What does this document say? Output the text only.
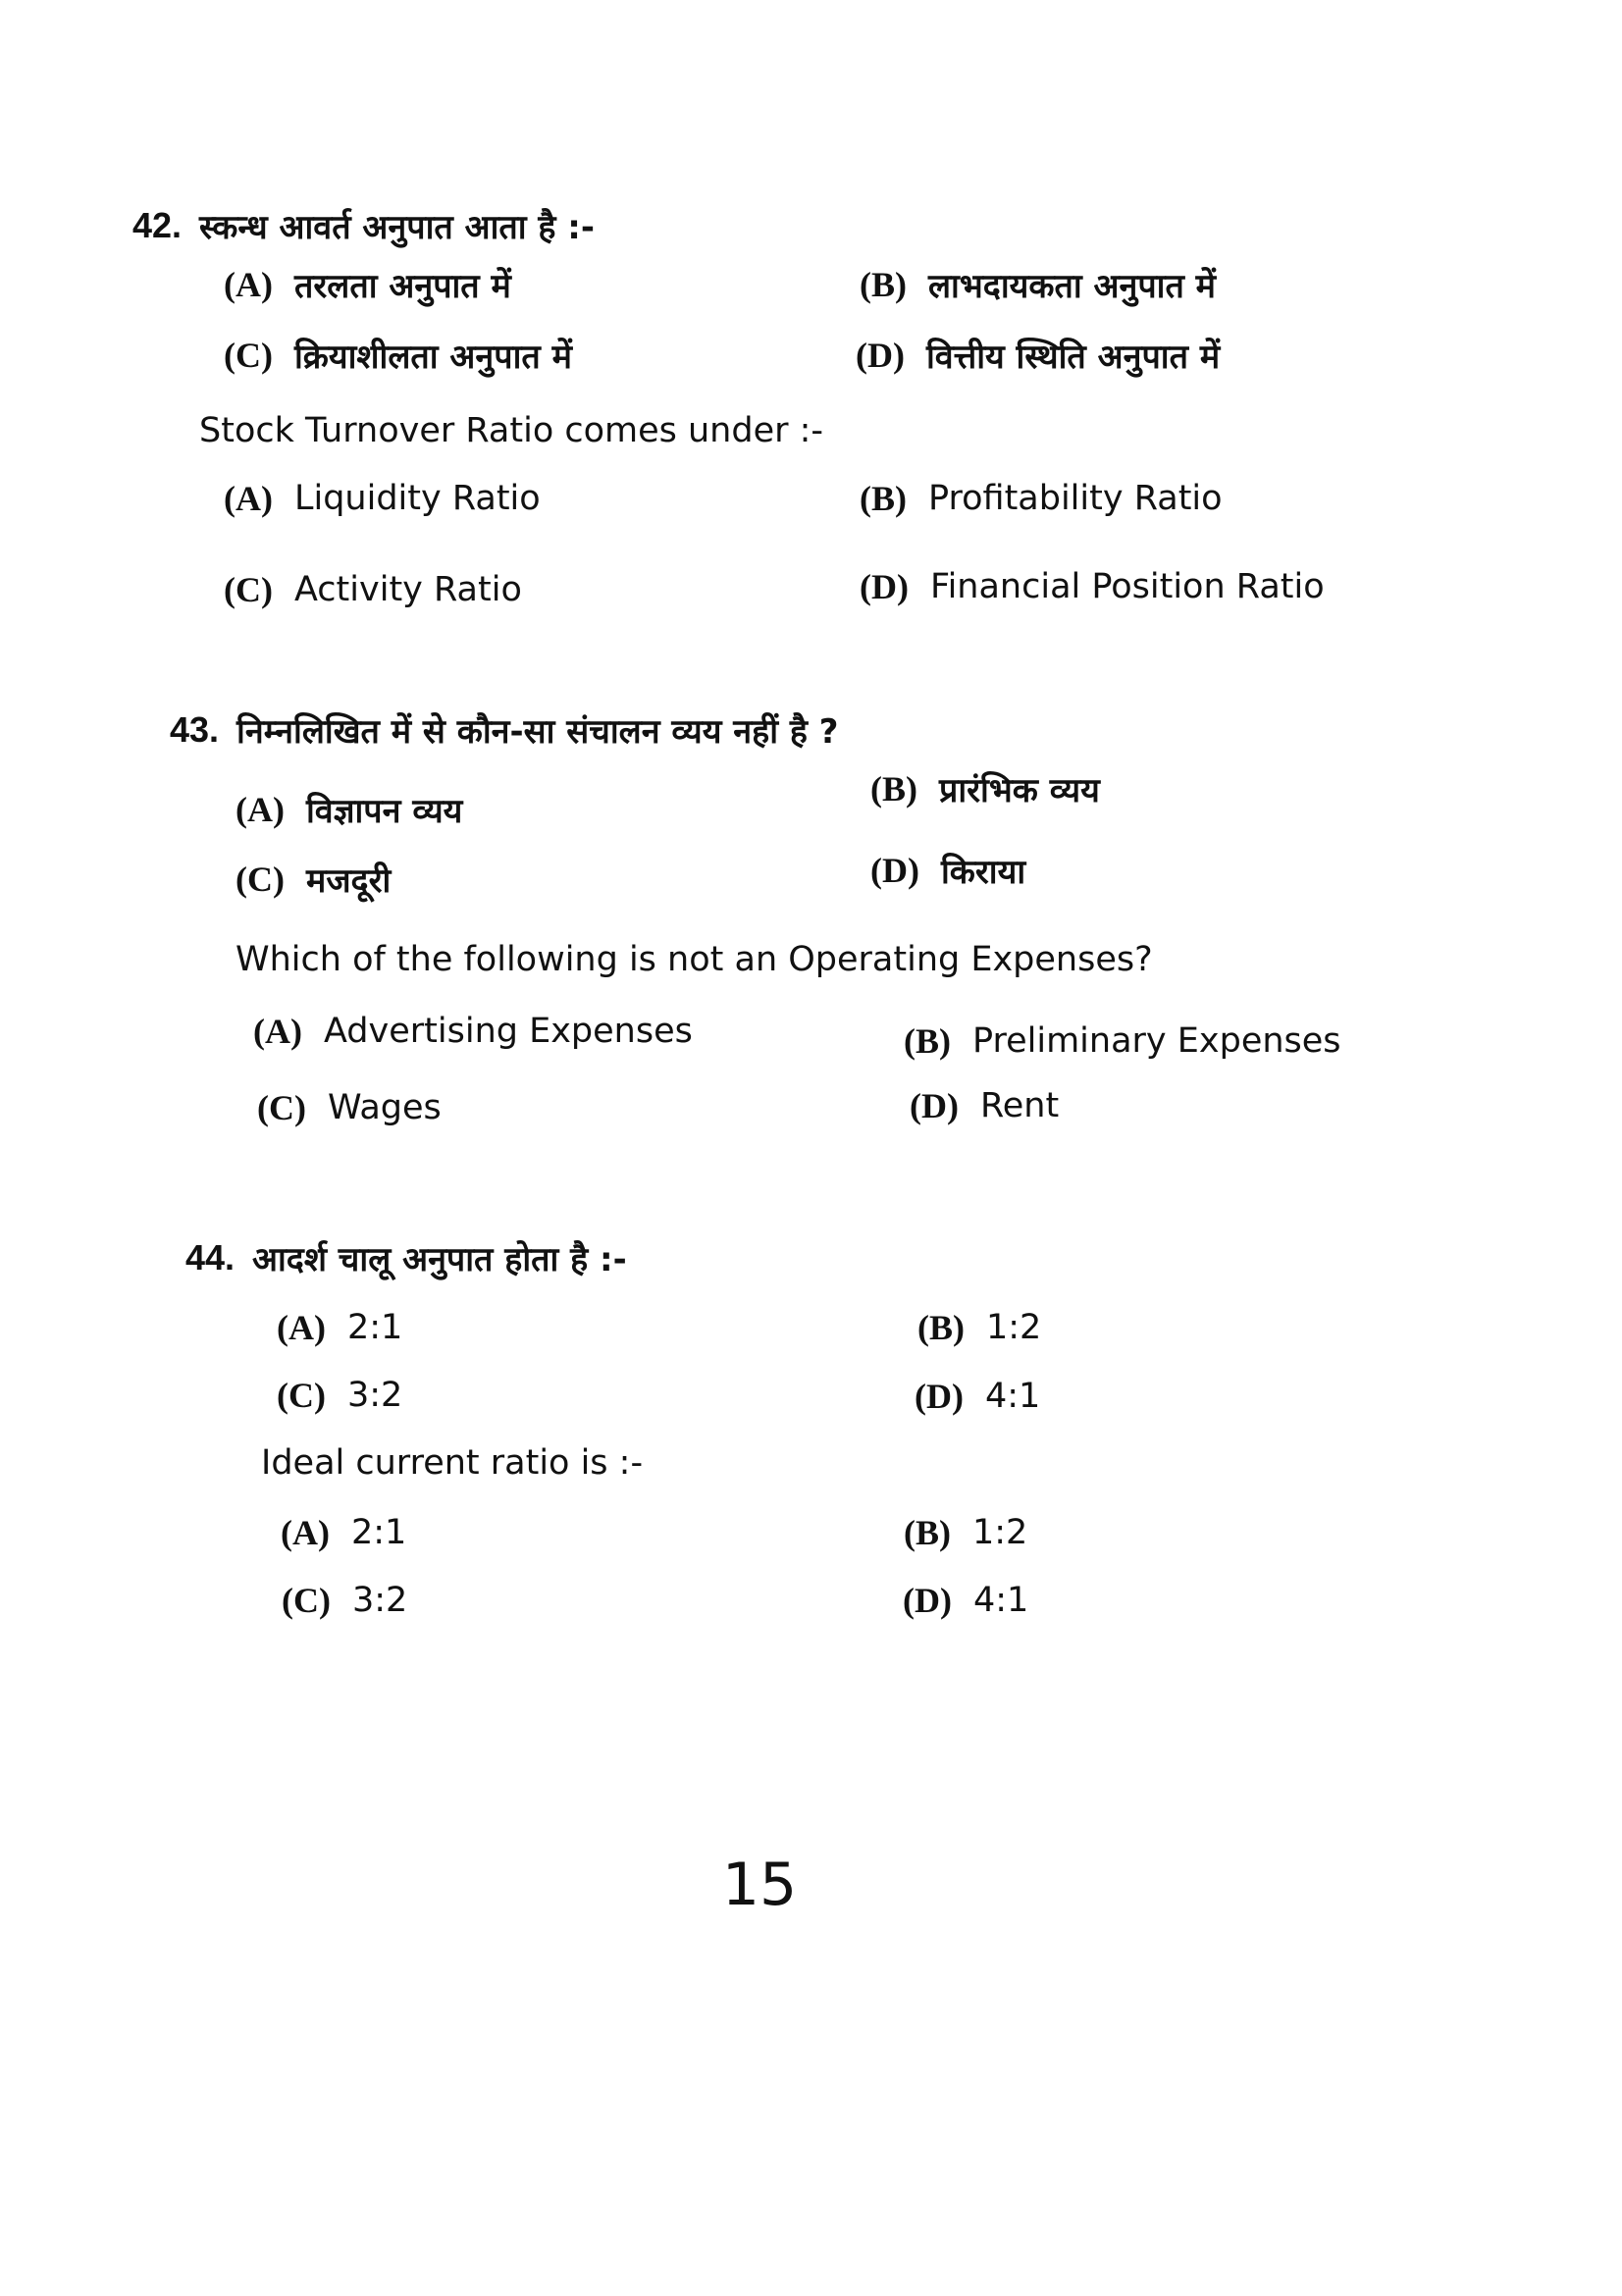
42. स्कन्ध आवर्त अनुपात आता है :-
(A) तरलता अनुपात में	(B) लाभदायकता अनुपात में
(C) क्रियाशीलता अनुपात में	(D) वित्तीय स्थिति अनुपात में
Stock Turnover Ratio comes under :-
(A) Liquidity Ratio	(B) Profitability Ratio
(C) Activity Ratio	(D) Financial Position Ratio
43. निम्नलिखित में से कौन-सा संचालन व्यय नहीं है ?
(A) विज्ञापन व्यय
(B) प्रारंभिक व्यय
(C) मजदूरी	(D) किराया
Which of the following is not an Operating Expenses?
(A) Advertising Expenses	(B) Preliminary Expenses
(C) Wages	(D) Rent
44. आदर्श चालू अनुपात होता है :-
(A) 2:1	(B) 1:2
(C) 3:2	(D) 4:1
Ideal current ratio is :-
(A) 2:1	(B) 1:2
(C) 3:2	(D) 4:1
15
